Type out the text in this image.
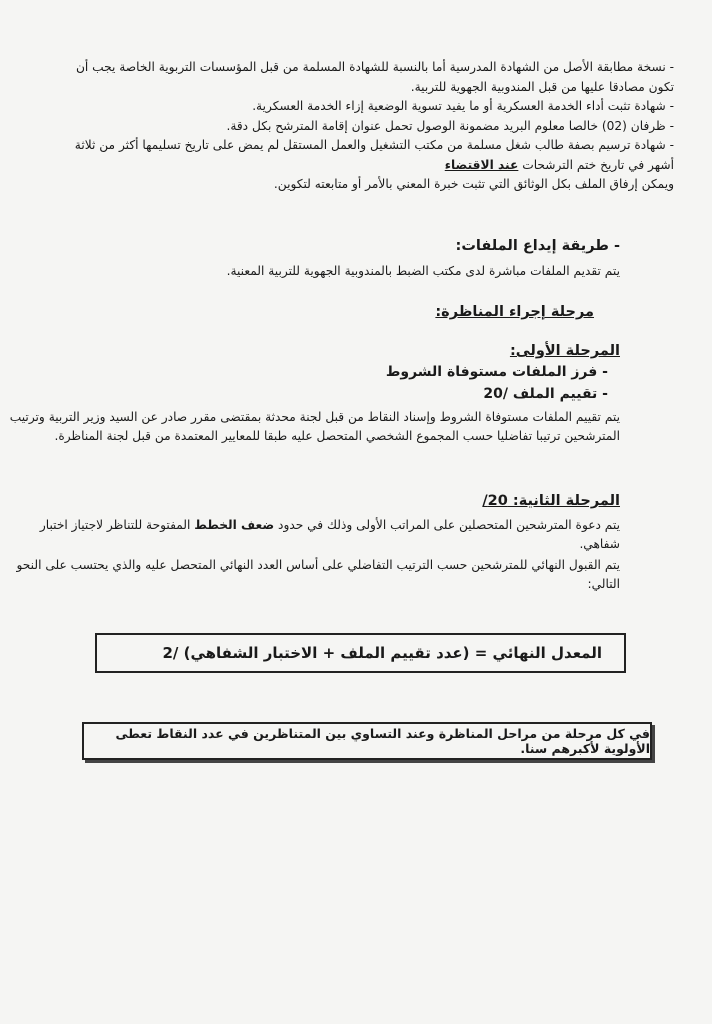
- نسخة مطابقة الأصل من الشهادة المدرسية أما بالنسبة للشهادة المسلمة من قبل المؤسسات التربوية الخاصة يجب أن تكون مصادقا عليها من قبل المندوبية الجهوية للتربية.

- شهادة تثبت أداء الخدمة العسكرية أو ما يفيد تسوية الوضعية إزاء الخدمة العسكرية.

- ظرفان (02) خالصا معلوم البريد مضمونة الوصول تحمل عنوان إقامة المترشح بكل دقة.

- شهادة ترسيم بصفة طالب شغل مسلمة من مكتب التشغيل والعمل المستقل لم يمض على تاريخ تسليمها أكثر من ثلاثة أشهر في تاريخ ختم الترشحات عند الاقتضاء

ويمكن إرفاق الملف بكل الوثائق التي تثبت خبرة المعني بالأمر أو متابعته لتكوين.

- طريقة إيداع الملفات:
يتم تقديم الملفات مباشرة لدى مكتب الضبط بالمندوبية الجهوية للتربية المعنية.
مرحلة إجراء المناظرة:
المرحلة الأولى:
- فرز الملفات مستوفاة الشروط
- تقييم الملف /20
يتم تقييم الملفات مستوفاة الشروط وإسناد النقاط من قبل لجنة محدثة بمقتضى مقرر صادر عن السيد وزير التربية وترتيب المترشحين ترتيبا تفاضليا حسب المجموع الشخصي المتحصل عليه طبقا للمعايير المعتمدة من قبل لجنة المناظرة.
المرحلة الثانية: 20/
يتم دعوة المترشحين المتحصلين على المراتب الأولى وذلك في حدود ضعف الخطط المفتوحة للتناظر لاجتياز اختبار شفاهي.
يتم القبول النهائي للمترشحين حسب الترتيب التفاضلي على أساس العدد النهائي المتحصل عليه والذي يحتسب على النحو التالي:
المعدل النهائي = (عدد تقييم الملف + الاختبار الشفاهي) /2
في كل مرحلة من مراحل المناظرة وعند التساوي بين المتناظرين في عدد النقاط تعطى الأولوية لأكبرهم سنا.
